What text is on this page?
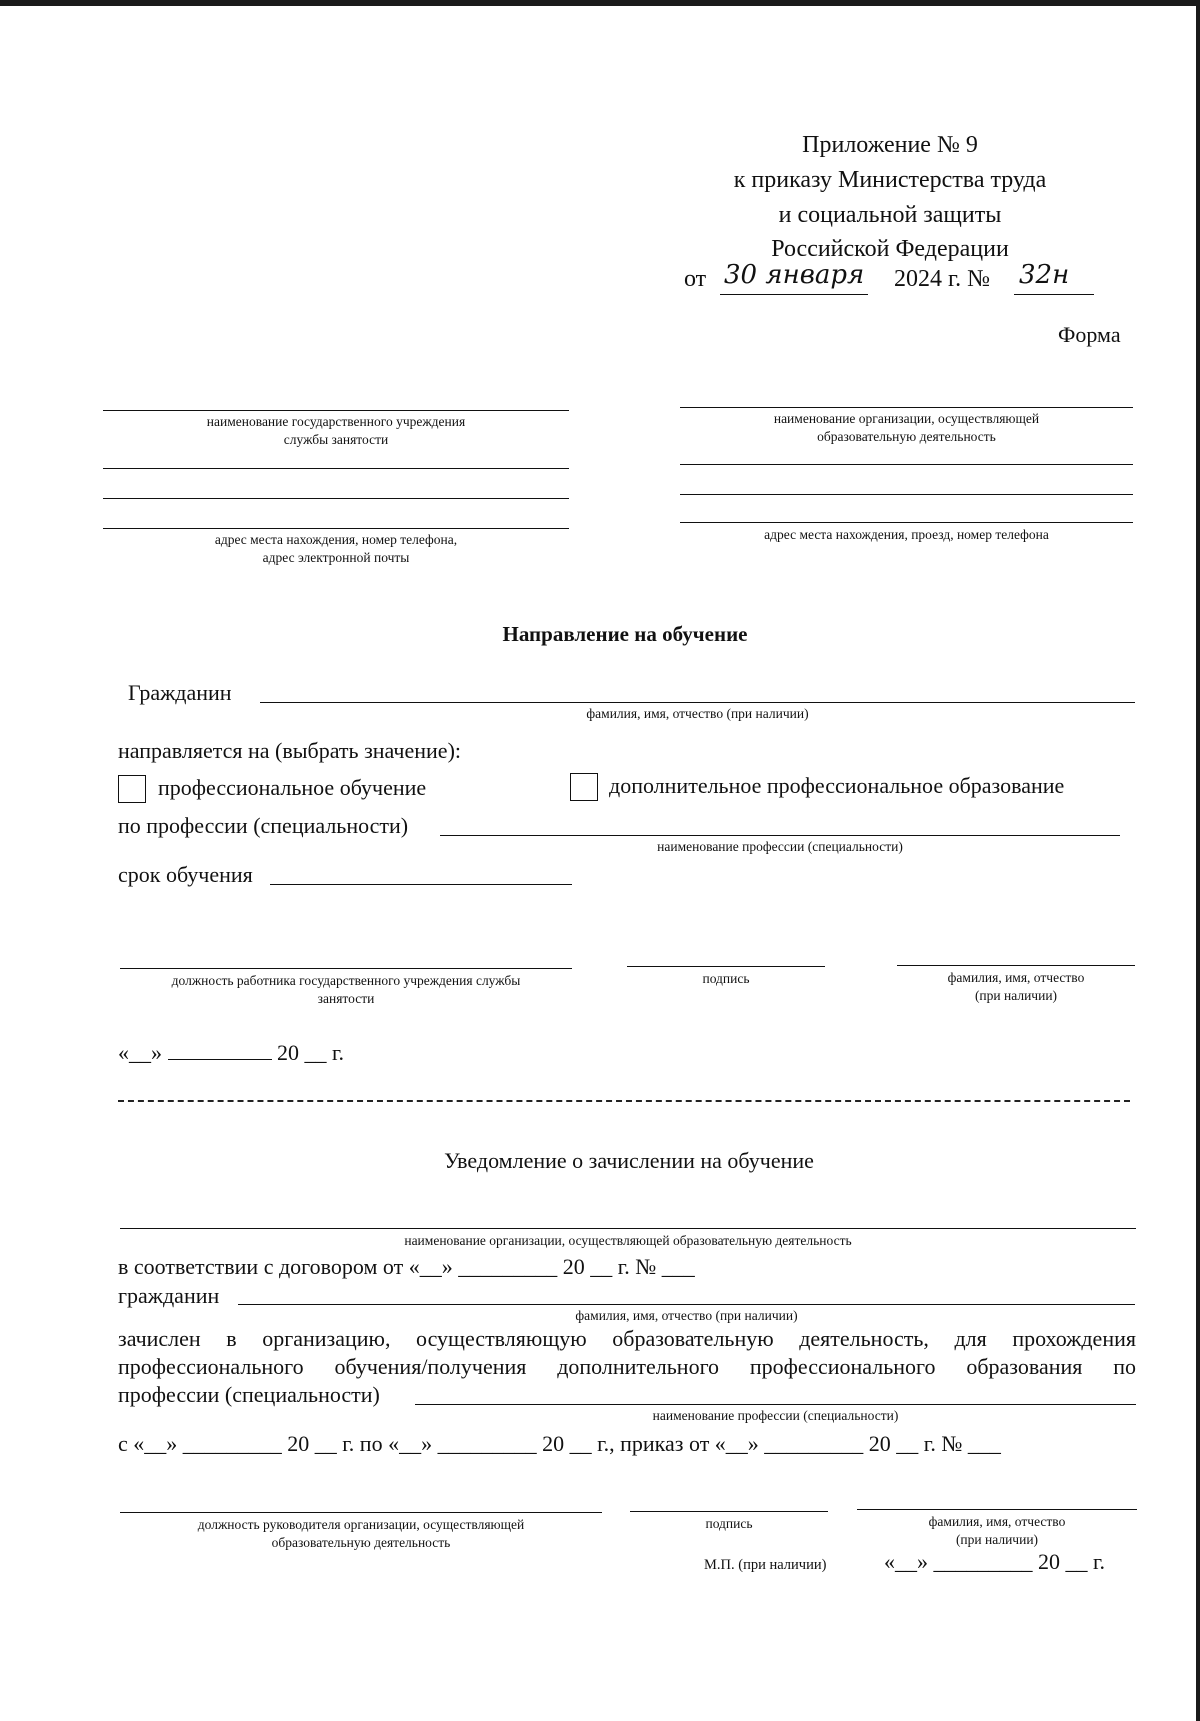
Приложение № 9
к приказу Министерства труда
и социальной защиты
Российской Федерации
от 30 января 2024 г. № 32н
Форма
наименование государственного учреждения
службы занятости
адрес места нахождения, номер телефона,
адрес электронной почты
наименование организации, осуществляющей
образовательную деятельность
адрес места нахождения, проезд, номер телефона
Направление на обучение
Гражданин
фамилия, имя, отчество (при наличии)
направляется на (выбрать значение):
профессиональное обучение	дополнительное профессиональное образование
по профессии (специальности)
наименование профессии (специальности)
срок обучения
должность работника государственного учреждения службы
занятости
подпись	фамилия, имя, отчество
(при наличии)
«__»	20 __ г.
Уведомление о зачислении на обучение
наименование организации, осуществляющей образовательную деятельность
в соответствии с договором от «__» _________ 20 __ г. № ___
гражданин
фамилия, имя, отчество (при наличии)
зачислен в организацию, осуществляющую образовательную деятельность, для прохождения
профессионального обучения/получения дополнительного профессионального образования по
профессии (специальности)
наименование профессии (специальности)
с «__» _________ 20 __ г. по «__» _________ 20 __ г., приказ от «__» _________ 20 __ г. № ___
должность руководителя организации, осуществляющей
образовательную деятельность
подпись	фамилия, имя, отчество
(при наличии)
М.П. (при наличии)	«__» _________ 20 __ г.
